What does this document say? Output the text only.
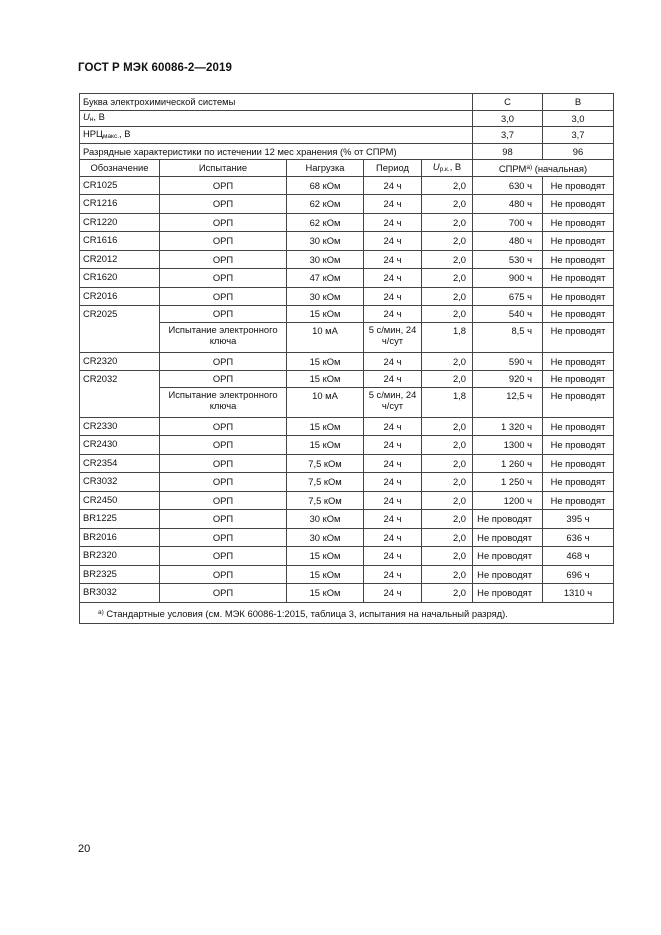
ГОСТ Р МЭК 60086-2—2019
Буква электрохимической системы					C	B
$U_н$, В					3,0	3,0
$НРЦ_{макс.}$, В					3,7	3,7
Разрядные характеристики по истечении 12 мес хранения (% от СПРМ)					98	96
Обозначение	Испытание	Нагрузка	Период	$U_{р.к.}$, В	СПРМ$^{a)}$ (начальная)	
CR1025	ОРП	68 кОм	24 ч	2,0	630 ч	Не проводят
CR1216	ОРП	62 кОм	24 ч	2,0	480 ч	Не проводят
CR1220	ОРП	62 кОм	24 ч	2,0	700 ч	Не проводят
CR1616	ОРП	30 кОм	24 ч	2,0	480 ч	Не проводят
CR2012	ОРП	30 кОм	24 ч	2,0	530 ч	Не проводят
CR1620	ОРП	47 кОм	24 ч	2,0	900 ч	Не проводят
CR2016	ОРП	30 кОм	24 ч	2,0	675 ч	Не проводят
CR2025	ОРП	15 кОм	24 ч	2,0	540 ч	Не проводят
	Испытание электронного ключа	10 мА	5 с/мин, 24 ч/сут	1,8	8,5 ч	Не проводят
CR2320	ОРП	15 кОм	24 ч	2,0	590 ч	Не проводят
CR2032	ОРП	15 кОм	24 ч	2,0	920 ч	Не проводят
	Испытание электронного ключа	10 мА	5 с/мин, 24 ч/сут	1,8	12,5 ч	Не проводят
CR2330	ОРП	15 кОм	24 ч	2,0	1 320 ч	Не проводят
CR2430	ОРП	15 кОм	24 ч	2,0	1300 ч	Не проводят
CR2354	ОРП	7,5 кОм	24 ч	2,0	1 260 ч	Не проводят
CR3032	ОРП	7,5 кОм	24 ч	2,0	1 250 ч	Не проводят
CR2450	ОРП	7,5 кОм	24 ч	2,0	1200 ч	Не проводят
BR1225	ОРП	30 кОм	24 ч	2,0	Не проводят	395 ч
BR2016	ОРП	30 кОм	24 ч	2,0	Не проводят	636 ч
BR2320	ОРП	15 кОм	24 ч	2,0	Не проводят	468 ч
BR2325	ОРП	15 кОм	24 ч	2,0	Не проводят	696 ч
BR3032	ОРП	15 кОм	24 ч	2,0	Не проводят	1310 ч
$^{a)}$ Стандартные условия (см. МЭК 60086-1:2015, таблица 3, испытания на начальный разряд).						
20
